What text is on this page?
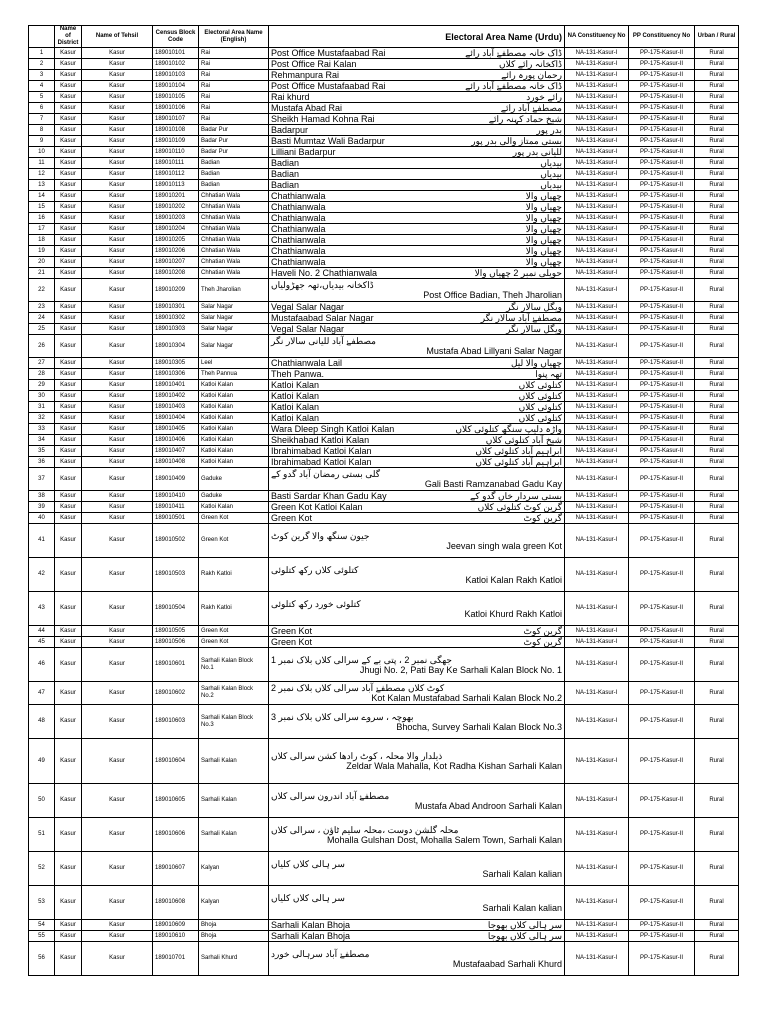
	Name of District	Name of Tehsil	Census Block Code	Electoral Area Name (English)	Electoral Area Name (Urdu)	NA Constituency No	PP Constituency No	Urban / Rural
1	Kasur	Kasur	189010101	Rai	Post Office Mustafaabad Rai ڈاک خانہ مصطفےٰ آباد رائے	NA-131-Kasur-I	PP-175-Kasur-II	Rural
2	Kasur	Kasur	189010102	Rai	Post Office Rai Kalan ڈاکخانہ رائے کلاں	NA-131-Kasur-I	PP-175-Kasur-II	Rural
3	Kasur	Kasur	189010103	Rai	Rehmanpura Rai رحمان پورہ رائے	NA-131-Kasur-I	PP-175-Kasur-II	Rural
4	Kasur	Kasur	189010104	Rai	Post Office Mustafaabad Rai ڈاک خانہ مصطفےٰ آباد رائے	NA-131-Kasur-I	PP-175-Kasur-II	Rural
5	Kasur	Kasur	189010105	Rai	Rai khurd رائے خورد	NA-131-Kasur-I	PP-175-Kasur-II	Rural
6	Kasur	Kasur	189010106	Rai	Mustafa Abad Rai مصطفےٰ آباد رائے	NA-131-Kasur-I	PP-175-Kasur-II	Rural
7	Kasur	Kasur	189010107	Rai	Sheikh Hamad Kohna Rai شیخ حماد کہنہ رائے	NA-131-Kasur-I	PP-175-Kasur-II	Rural
8	Kasur	Kasur	189010108	Badar Pur	Badarpur بدر پور	NA-131-Kasur-I	PP-175-Kasur-II	Rural
9	Kasur	Kasur	189010109	Badar Pur	Basti Mumtaz Wali Badarpur بستی ممتاز والی بدر پور	NA-131-Kasur-I	PP-175-Kasur-II	Rural
10	Kasur	Kasur	189010110	Badar Pur	Lilliani Badarpur للیانی بدر پور	NA-131-Kasur-I	PP-175-Kasur-II	Rural
11	Kasur	Kasur	189010111	Badian	Badian بیدیاں	NA-131-Kasur-I	PP-175-Kasur-II	Rural
12	Kasur	Kasur	189010112	Badian	Badian بیدیاں	NA-131-Kasur-I	PP-175-Kasur-II	Rural
13	Kasur	Kasur	189010113	Badian	Badian بیدیاں	NA-131-Kasur-I	PP-175-Kasur-II	Rural
14	Kasur	Kasur	189010201	Chhatian Wala	Chathianwala چھیاں والا	NA-131-Kasur-I	PP-175-Kasur-II	Rural
15	Kasur	Kasur	189010202	Chhatian Wala	Chathianwala چھیاں والا	NA-131-Kasur-I	PP-175-Kasur-II	Rural
16	Kasur	Kasur	189010203	Chhatian Wala	Chathianwala چھیاں والا	NA-131-Kasur-I	PP-175-Kasur-II	Rural
17	Kasur	Kasur	189010204	Chhatian Wala	Chathianwala چھیاں والا	NA-131-Kasur-I	PP-175-Kasur-II	Rural
18	Kasur	Kasur	189010205	Chhatian Wala	Chathianwala چھیاں والا	NA-131-Kasur-I	PP-175-Kasur-II	Rural
19	Kasur	Kasur	189010206	Chhatian Wala	Chathianwala چھیاں والا	NA-131-Kasur-I	PP-175-Kasur-II	Rural
20	Kasur	Kasur	189010207	Chhatian Wala	Chathianwala چھیاں والا	NA-131-Kasur-I	PP-175-Kasur-II	Rural
21	Kasur	Kasur	189010208	Chhatian Wala	Haveli No. 2 Chathianwala حویلی نمبر 2 چھیاں والا	NA-131-Kasur-I	PP-175-Kasur-II	Rural
22	Kasur	Kasur	189010209	Theh Jharolian	ڈاکخانہ بیدیاں،تھہ جھڑولیاں
Post Office Badian, Theh Jharolian	NA-131-Kasur-I	PP-175-Kasur-II	Rural
23	Kasur	Kasur	189010301	Salar Nagar	Vegal Salar Nagar ویگل سالار نگر	NA-131-Kasur-I	PP-175-Kasur-II	Rural
24	Kasur	Kasur	189010302	Salar Nagar	Mustafaabad Salar Nagar مصطفےٰ آباد سالار نگر	NA-131-Kasur-I	PP-175-Kasur-II	Rural
25	Kasur	Kasur	189010303	Salar Nagar	Vegal Salar Nagar ویگل سالار نگر	NA-131-Kasur-I	PP-175-Kasur-II	Rural
26	Kasur	Kasur	189010304	Salar Nagar	مصطفےٰ آباد للیانی سالار نگر
Mustafa Abad Lillyani Salar Nagar	NA-131-Kasur-I	PP-175-Kasur-II	Rural
27	Kasur	Kasur	189010305	Leel	Chathianwala Lail چھیاں والا لیل	NA-131-Kasur-I	PP-175-Kasur-II	Rural
28	Kasur	Kasur	189010306	Theh Pannua	Theh Panwa. تھہ پنوا	NA-131-Kasur-I	PP-175-Kasur-II	Rural
29	Kasur	Kasur	189010401	Katloi Kalan	Katloi Kalan کتلوئی کلاں	NA-131-Kasur-I	PP-175-Kasur-II	Rural
30	Kasur	Kasur	189010402	Katloi Kalan	Katloi Kalan کتلوئی کلاں	NA-131-Kasur-I	PP-175-Kasur-II	Rural
31	Kasur	Kasur	189010403	Katloi Kalan	Katloi Kalan کتلوئی کلاں	NA-131-Kasur-I	PP-175-Kasur-II	Rural
32	Kasur	Kasur	189010404	Katloi Kalan	Katloi Kalan کتلوئی کلاں	NA-131-Kasur-I	PP-175-Kasur-II	Rural
33	Kasur	Kasur	189010405	Katloi Kalan	Wara Dleep Singh Katloi Kalan واڑہ دلیپ سنگھ کتلوئی کلاں	NA-131-Kasur-I	PP-175-Kasur-II	Rural
34	Kasur	Kasur	189010406	Katloi Kalan	Sheikhabad Katloi Kalan شیخ آباد کتلوئی کلاں	NA-131-Kasur-I	PP-175-Kasur-II	Rural
35	Kasur	Kasur	189010407	Katloi Kalan	Ibrahimabad Katloi Kalan ابراہیم آباد کتلوئی کلاں	NA-131-Kasur-I	PP-175-Kasur-II	Rural
36	Kasur	Kasur	189010408	Katloi Kalan	Ibrahimabad Katloi Kalan ابراہیم آباد کتلوئی کلاں	NA-131-Kasur-I	PP-175-Kasur-II	Rural
37	Kasur	Kasur	189010409	Gaduke	گلی بستی رمضان آباد گدو کے
Gali Basti Ramzanabad Gadu Kay	NA-131-Kasur-I	PP-175-Kasur-II	Rural
38	Kasur	Kasur	189010410	Gaduke	Basti Sardar Khan Gadu Kay بستی سردار خاں گدو کے	NA-131-Kasur-I	PP-175-Kasur-II	Rural
39	Kasur	Kasur	189010411	Katloi Kalan	Green Kot Katloi Kalan گرین کوٹ کتلوئی کلاں	NA-131-Kasur-I	PP-175-Kasur-II	Rural
40	Kasur	Kasur	189010501	Green Kot	Green Kot گرین کوٹ	NA-131-Kasur-I	PP-175-Kasur-II	Rural
41	Kasur	Kasur	189010502	Green Kot	جیون سنگھ والا گرین کوٹ
Jeevan singh wala green Kot	NA-131-Kasur-I	PP-175-Kasur-II	Rural
42	Kasur	Kasur	189010503	Rakh Katloi	کتلوئی کلاں رکھ کتلوئی
Katloi Kalan Rakh Katloi	NA-131-Kasur-I	PP-175-Kasur-II	Rural
43	Kasur	Kasur	189010504	Rakh Katloi	کتلوئی خورد رکھ کتلوئی
Katloi Khurd Rakh Katloi	NA-131-Kasur-I	PP-175-Kasur-II	Rural
44	Kasur	Kasur	189010505	Green Kot	Green Kot گرین کوٹ	NA-131-Kasur-I	PP-175-Kasur-II	Rural
45	Kasur	Kasur	189010506	Green Kot	Green Kot گرین کوٹ	NA-131-Kasur-I	PP-175-Kasur-II	Rural
46	Kasur	Kasur	189010601	Sarhali Kalan Block No.1	جھگی نمبر 2 ، پتی بے کے سرالی کلاں بلاک نمبر 1
Jhugi No. 2, Pati Bay Ke Sarhali Kalan Block No. 1	NA-131-Kasur-I	PP-175-Kasur-II	Rural
47	Kasur	Kasur	189010602	Sarhali Kalan Block No.2	کوٹ کلاں مصطفےٰ آباد سرالی کلاں بلاک نمبر 2
Kot Kalan Mustafabad Sarhali Kalan Block No.2	NA-131-Kasur-I	PP-175-Kasur-II	Rural
48	Kasur	Kasur	189010603	Sarhali Kalan Block No.3	بھوچہ ، سروے سرالی کلاں بلاک نمبر 3
Bhocha, Survey Sarhali Kalan Block No.3	NA-131-Kasur-I	PP-175-Kasur-II	Rural
49	Kasur	Kasur	189010604	Sarhali Kalan	ذیلدار والا محلہ ، کوٹ رادھا کشن سرالی کلاں
Zeldar Wala Mahalla, Kot Radha Kishan Sarhali Kalan	NA-131-Kasur-I	PP-175-Kasur-II	Rural
50	Kasur	Kasur	189010605	Sarhali Kalan	مصطفےٰ آباد اندرون سرالی کلاں
Mustafa Abad Androon Sarhali Kalan	NA-131-Kasur-I	PP-175-Kasur-II	Rural
51	Kasur	Kasur	189010606	Sarhali Kalan	محلہ گلشن دوست ،محلہ سلیم ٹاؤن ، سرالی کلاں
Mohalla Gulshan Dost, Mohalla Salem Town, Sarhali Kalan	NA-131-Kasur-I	PP-175-Kasur-II	Rural
52	Kasur	Kasur	189010607	Kalyan	سر ہالی کلاں کلیاں
Sarhali Kalan kalian	NA-131-Kasur-I	PP-175-Kasur-II	Rural
53	Kasur	Kasur	189010608	Kalyan	سر ہالی کلاں کلیاں
Sarhali Kalan kalian	NA-131-Kasur-I	PP-175-Kasur-II	Rural
54	Kasur	Kasur	189010609	Bhoja	Sarhali Kalan Bhoja سر ہالی کلاں بھوجا	NA-131-Kasur-I	PP-175-Kasur-II	Rural
55	Kasur	Kasur	189010610	Bhoja	Sarhali Kalan Bhoja سر ہالی کلاں بھوجا	NA-131-Kasur-I	PP-175-Kasur-II	Rural
56	Kasur	Kasur	189010701	Sarhali Khurd	مصطفےٰ آباد سرہالی خورد
Mustafaabad Sarhali Khurd	NA-131-Kasur-I	PP-175-Kasur-II	Rural
